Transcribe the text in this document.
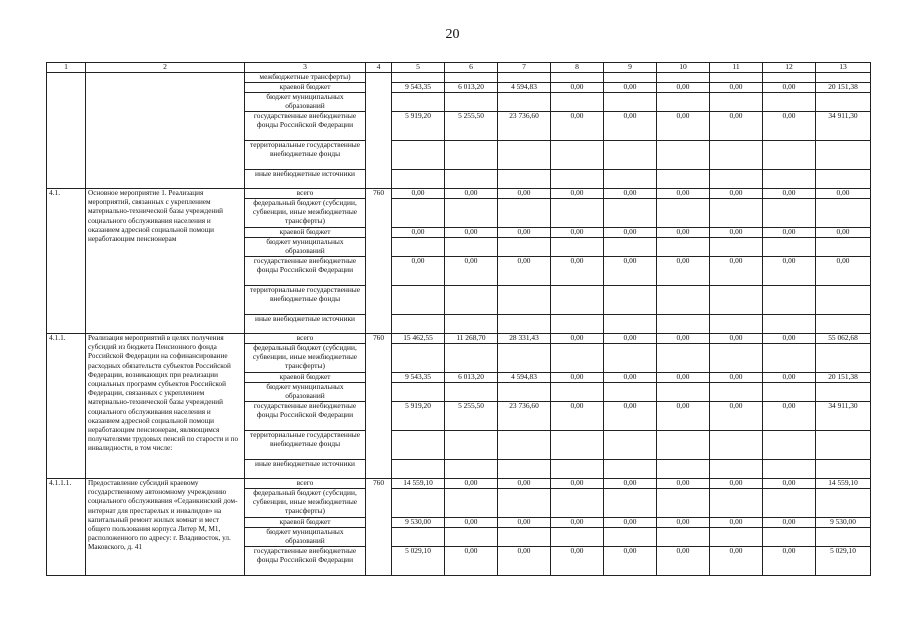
20
1	2	3	4	5	6	7	8	9	10	11	12	13
		межбюджетные трансферты)										
		краевой бюджет		9 543,35	6 013,20	4 594,83	0,00	0,00	0,00	0,00	0,00	20 151,38
		бюджет муниципальных образований										
		государственные внебюджетные фонды Российской Федерации		5 919,20	5 255,50	23 736,60	0,00	0,00	0,00	0,00	0,00	34 911,30
		территориальные государственные внебюджетные фонды										
		иные внебюджетные источники										
4.1.	Основное мероприятие 1. Реализация мероприятий, связанных с укреплением материально-технической базы учреждений социального обслуживания населения и оказанием адресной социальной помощи неработающим пенсионерам	всего	760	0,00	0,00	0,00	0,00	0,00	0,00	0,00	0,00	0,00
		федеральный бюджет (субсидии, субвенции, иные межбюджетные трансферты)										
		краевой бюджет		0,00	0,00	0,00	0,00	0,00	0,00	0,00	0,00	0,00
		бюджет муниципальных образований										
		государственные внебюджетные фонды Российской Федерации		0,00	0,00	0,00	0,00	0,00	0,00	0,00	0,00	0,00
		территориальные государственные внебюджетные фонды										
		иные внебюджетные источники										
4.1.1.	Реализация мероприятий в целях получения субсидий из бюджета Пенсионного фонда Российской Федерации на софинансирование расходных обязательств субъектов Российской Федерации, возникающих при реализации социальных программ субъектов Российской Федерации, связанных с укреплением материально-технической базы учреждений социального обслуживания населения и оказанием адресной социальной помощи неработающим пенсионерам, являющимся получателями трудовых пенсий по старости и по инвалидности, в том числе:	всего	760	15 462,55	11 268,70	28 331,43	0,00	0,00	0,00	0,00	0,00	55 062,68
		федеральный бюджет (субсидии, субвенции, иные межбюджетные трансферты)										
		краевой бюджет		9 543,35	6 013,20	4 594,83	0,00	0,00	0,00	0,00	0,00	20 151,38
		бюджет муниципальных образований										
		государственные внебюджетные фонды Российской Федерации		5 919,20	5 255,50	23 736,60	0,00	0,00	0,00	0,00	0,00	34 911,30
		территориальные государственные внебюджетные фонды										
		иные внебюджетные источники										
4.1.1.1.	Предоставление субсидий краевому государственному автономному учреждению социального обслуживания «Седанкинский дом-интернат для престарелых и инвалидов» на капитальный ремонт жилых комнат и мест общего пользования корпуса Литер М, М1, расположенного по адресу: г. Владивосток, ул. Маковского, д. 41	всего	760	14 559,10	0,00	0,00	0,00	0,00	0,00	0,00	0,00	14 559,10
		федеральный бюджет (субсидии, субвенции, иные межбюджетные трансферты)										
		краевой бюджет		9 530,00	0,00	0,00	0,00	0,00	0,00	0,00	0,00	9 530,00
		бюджет муниципальных образований										
		государственные внебюджетные фонды Российской Федерации		5 029,10	0,00	0,00	0,00	0,00	0,00	0,00	0,00	5 029,10
